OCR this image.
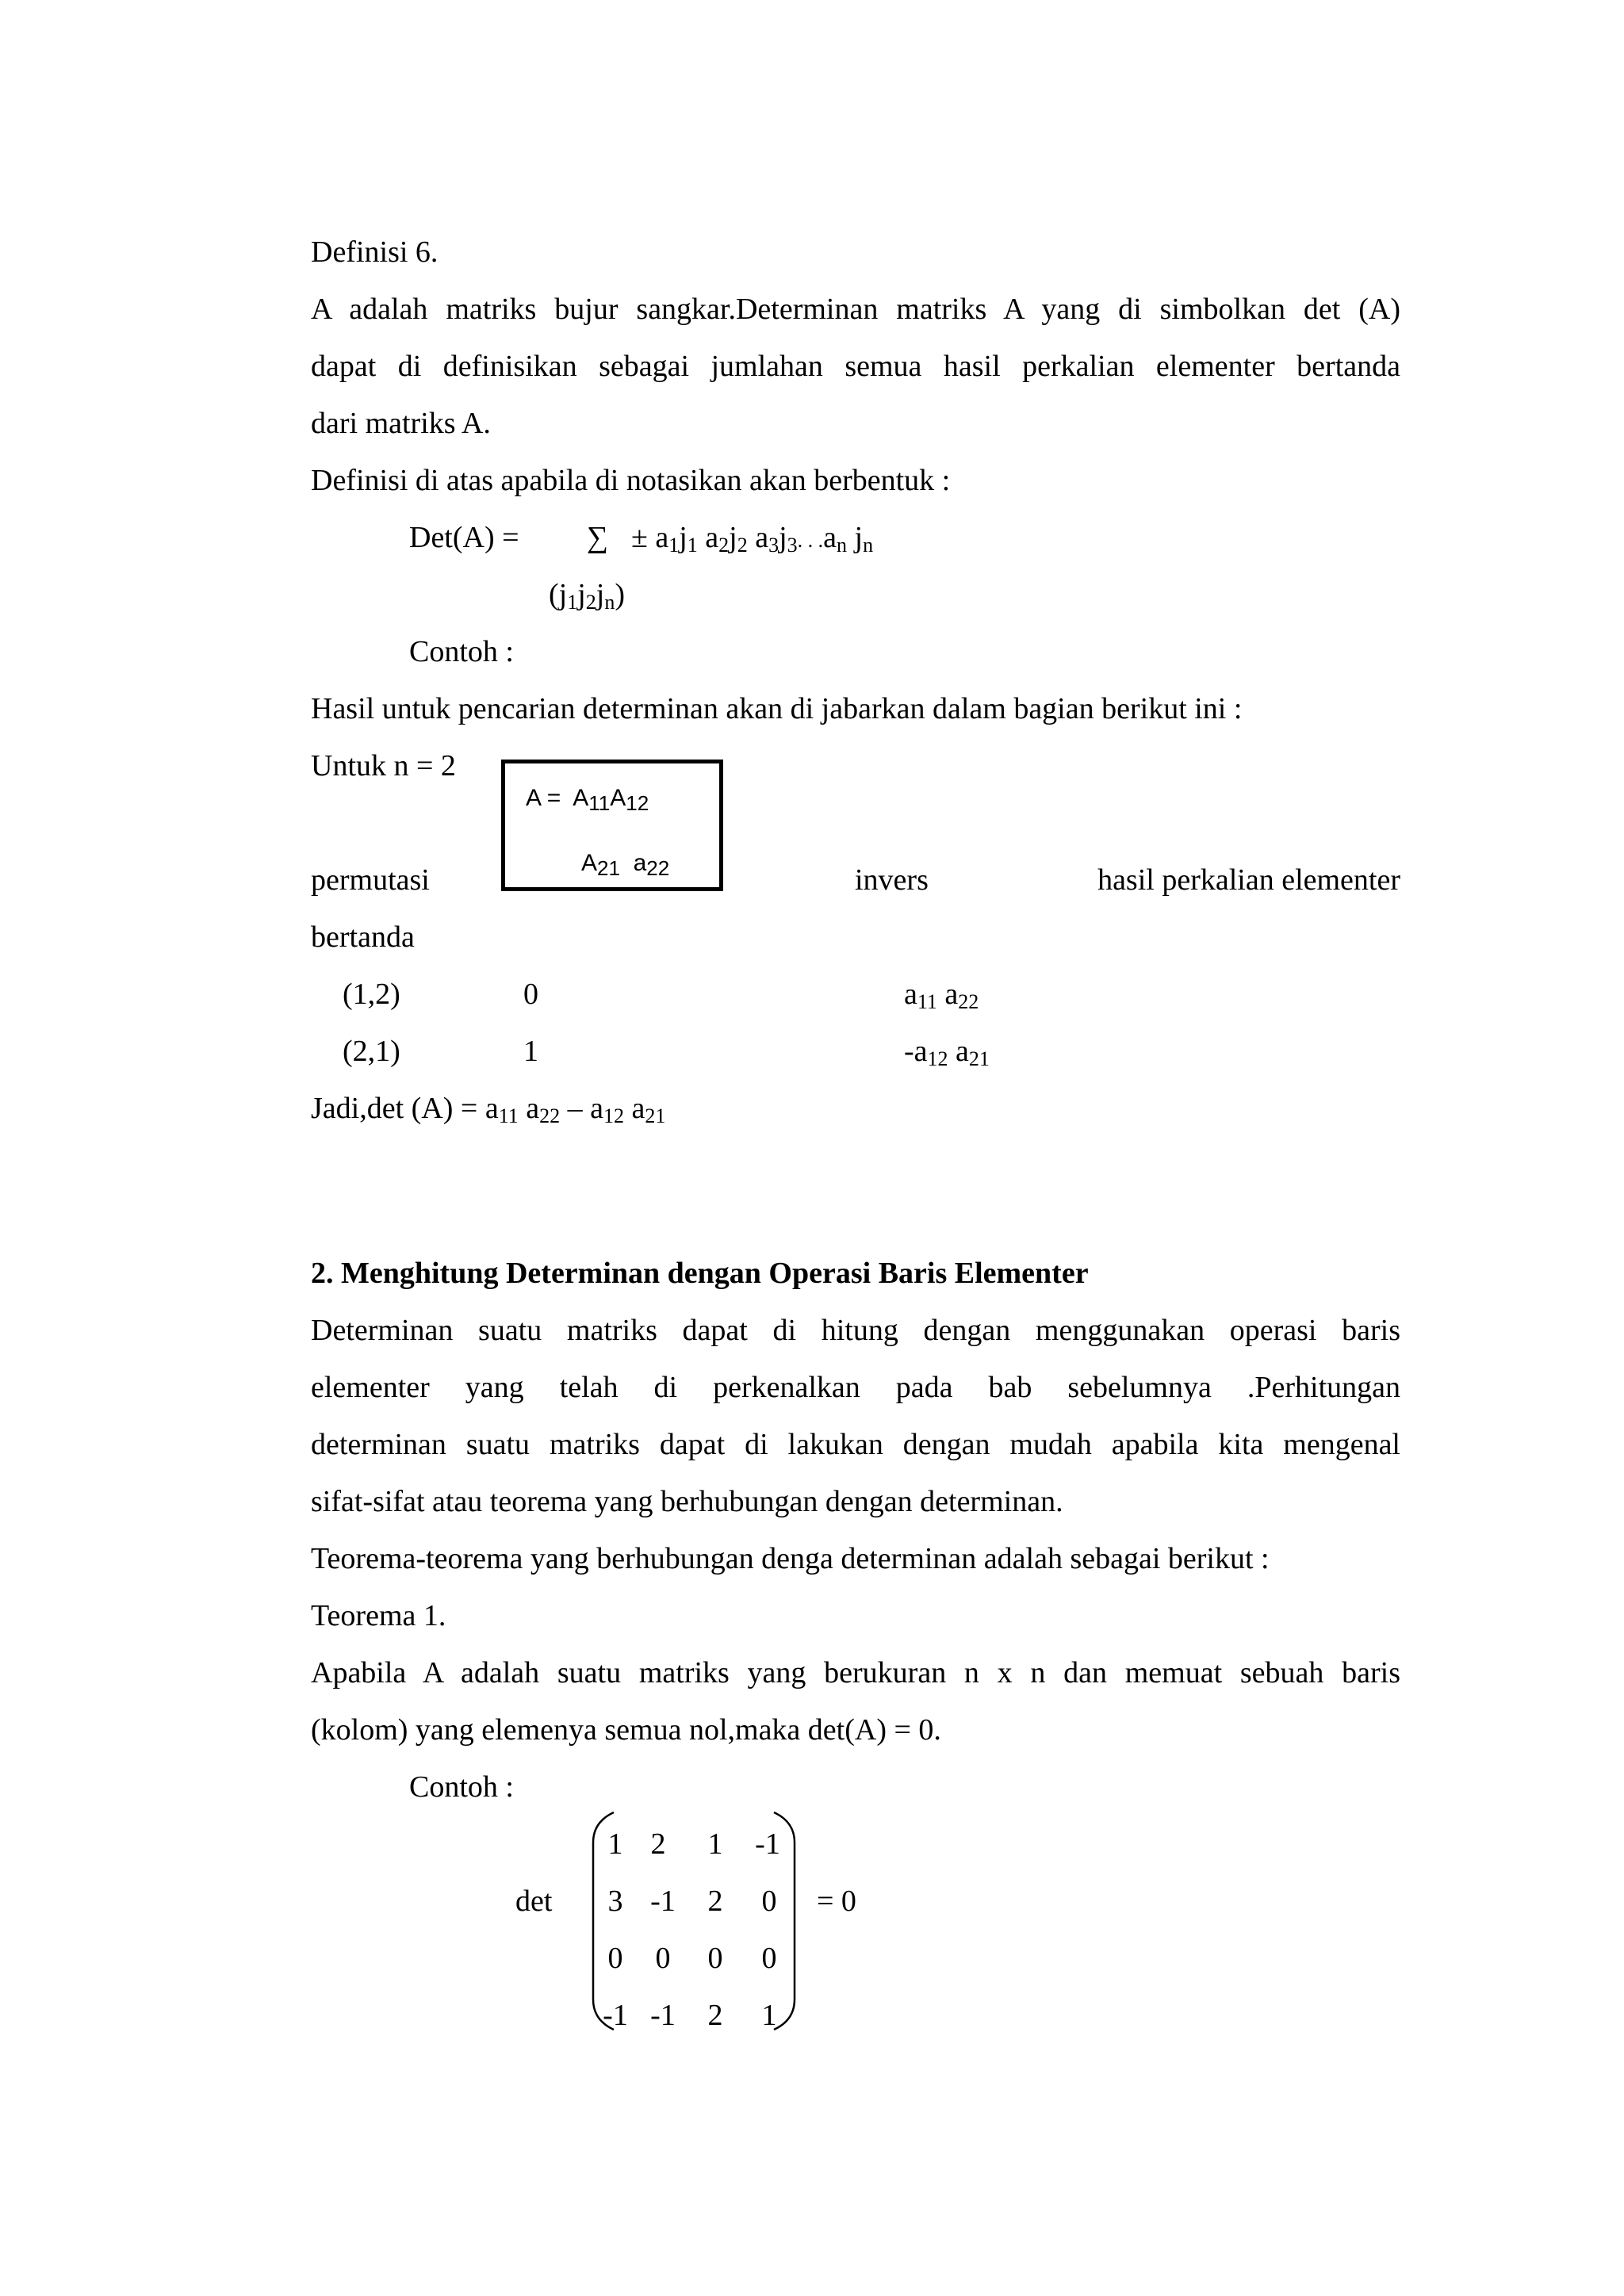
Definisi 6.
A adalah matriks bujur sangkar.Determinan matriks A yang di simbolkan det (A)
dapat di definisikan sebagai jumlahan semua hasil perkalian elementer bertanda
dari matriks A.
Definisi di atas apabila di notasikan akan berbentuk :
Det(A) = ∑ ± $a_1j_1$ $a_2j_2$ $a_3j_3$. . $.a_n$ $j_n$
$(j_1j_2j_n)$
Contoh :
Hasil untuk pencarian determinan akan di jabarkan dalam bagian berikut ini :
Untuk n = 2
$A = A_{11}A_{12}$
$A_{21}$  $a_{22}$
permutasi	invers	hasil perkalian elementer
bertanda
(1,2)	0	$a_{11}$ $a_{22}$
(2,1)	1	$-a_{12}$ $a_{21}$
Jadi,det $(A) = a_{11}$ $a_{22} - a_{12}$ $a_{21}$
2. Menghitung Determinan dengan Operasi Baris Elementer
Determinan suatu matriks dapat di hitung dengan menggunakan operasi baris
elementer yang telah di perkenalkan pada bab sebelumnya .Perhitungan
determinan suatu matriks dapat di lakukan dengan mudah apabila kita mengenal
sifat-sifat atau teorema yang berhubungan dengan determinan.
Teorema-teorema yang berhubungan denga determinan adalah sebagai berikut :
Teorema 1.
Apabila A adalah suatu matriks yang berukuran n x n dan memuat sebuah baris
(kolom) yang elemenya semua nol,maka det(A) = 0.
Contoh :
det
1 2	1	-1
3 -1	2	0
0	0	0	0
-1 -1	2	1
= 0
